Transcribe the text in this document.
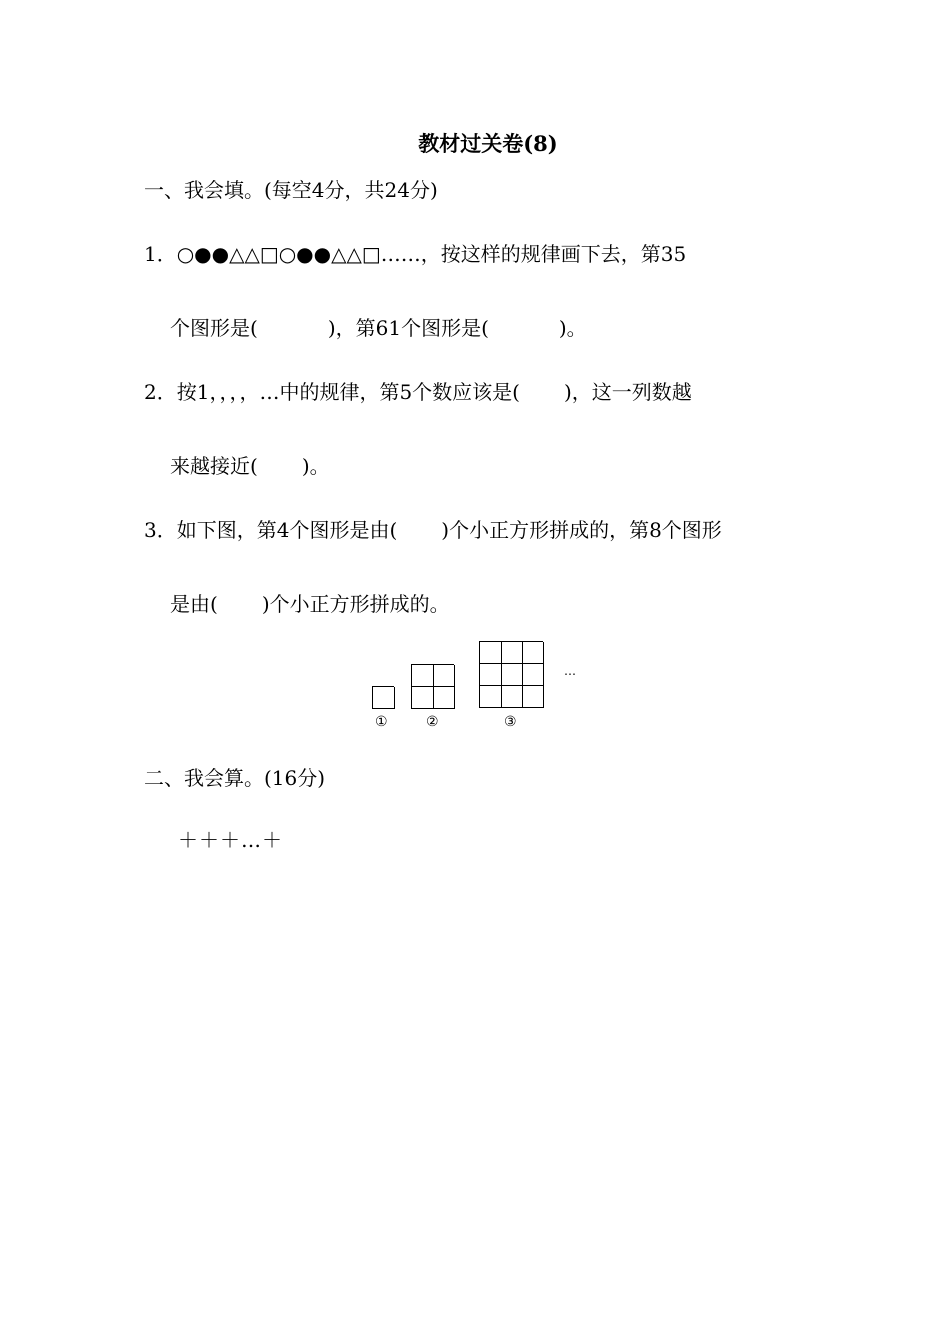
教材过关卷(8)
一、我会填。(每空4分，共24分)
1．○●●△△□○●●△△□……，按这样的规律画下去，第35
个图形是(	)，第61个图形是(	)。
2．按1，，，，…中的规律，第5个数应该是( )，这一列数越
来越接近( )。
3．如下图，第4个图形是由( )个小正方形拼成的，第8个图形
是由( )个小正方形拼成的。
①	②	③
…
二、我会算。(16分)
＋＋＋…＋
